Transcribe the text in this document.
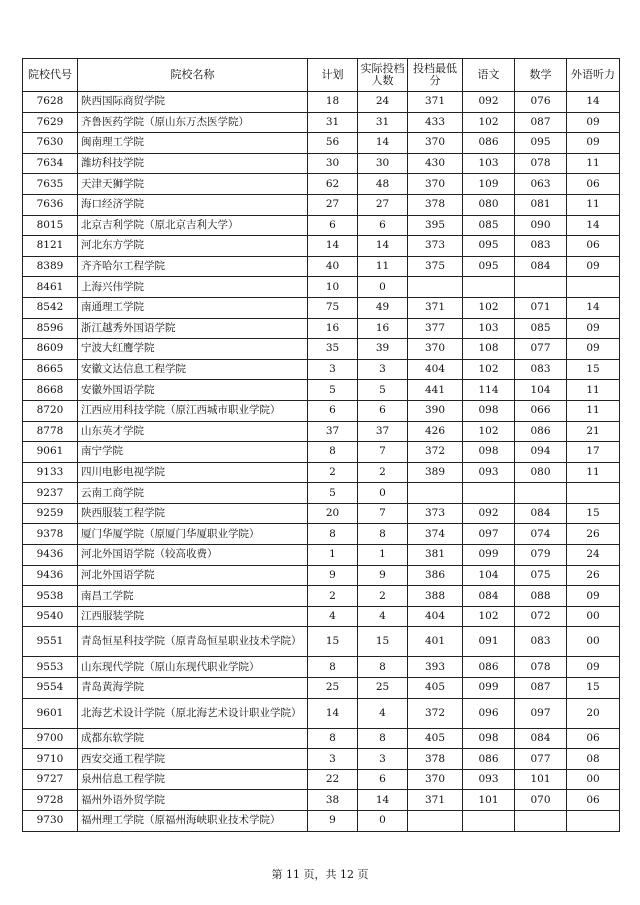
院校代号	院校名称	计划	实际投档人数	投档最低分	语文	数学	外语听力
7628	陕西国际商贸学院	18	24	371	092	076	14
7629	齐鲁医药学院（原山东万杰医学院）	31	31	433	102	087	09
7630	闽南理工学院	56	14	370	086	095	09
7634	潍坊科技学院	30	30	430	103	078	11
7635	天津天狮学院	62	48	370	109	063	06
7636	海口经济学院	27	27	378	080	081	11
8015	北京吉利学院（原北京吉利大学）	6	6	395	085	090	14
8121	河北东方学院	14	14	373	095	083	06
8389	齐齐哈尔工程学院	40	11	375	095	084	09
8461	上海兴伟学院	10	0				
8542	南通理工学院	75	49	371	102	071	14
8596	浙江越秀外国语学院	16	16	377	103	085	09
8609	宁波大红鹰学院	35	39	370	108	077	09
8665	安徽文达信息工程学院	3	3	404	102	083	15
8668	安徽外国语学院	5	5	441	114	104	11
8720	江西应用科技学院（原江西城市职业学院）	6	6	390	098	066	11
8778	山东英才学院	37	37	426	102	086	21
9061	南宁学院	8	7	372	098	094	17
9133	四川电影电视学院	2	2	389	093	080	11
9237	云南工商学院	5	0				
9259	陕西服装工程学院	20	7	373	092	084	15
9378	厦门华厦学院（原厦门华厦职业学院）	8	8	374	097	074	26
9436	河北外国语学院（较高收费）	1	1	381	099	079	24
9436	河北外国语学院	9	9	386	104	075	26
9538	南昌工学院	2	2	388	084	088	09
9540	江西服装学院	4	4	404	102	072	00
9551	青岛恒星科技学院（原青岛恒星职业技术学院）	15	15	401	091	083	00
9553	山东现代学院（原山东现代职业学院）	8	8	393	086	078	09
9554	青岛黄海学院	25	25	405	099	087	15
9601	北海艺术设计学院（原北海艺术设计职业学院）	14	4	372	096	097	20
9700	成都东软学院	8	8	405	098	084	06
9710	西安交通工程学院	3	3	378	086	077	08
9727	泉州信息工程学院	22	6	370	093	101	00
9728	福州外语外贸学院	38	14	371	101	070	06
9730	福州理工学院（原福州海峡职业技术学院）	9	0				
第 11 页，共 12 页
